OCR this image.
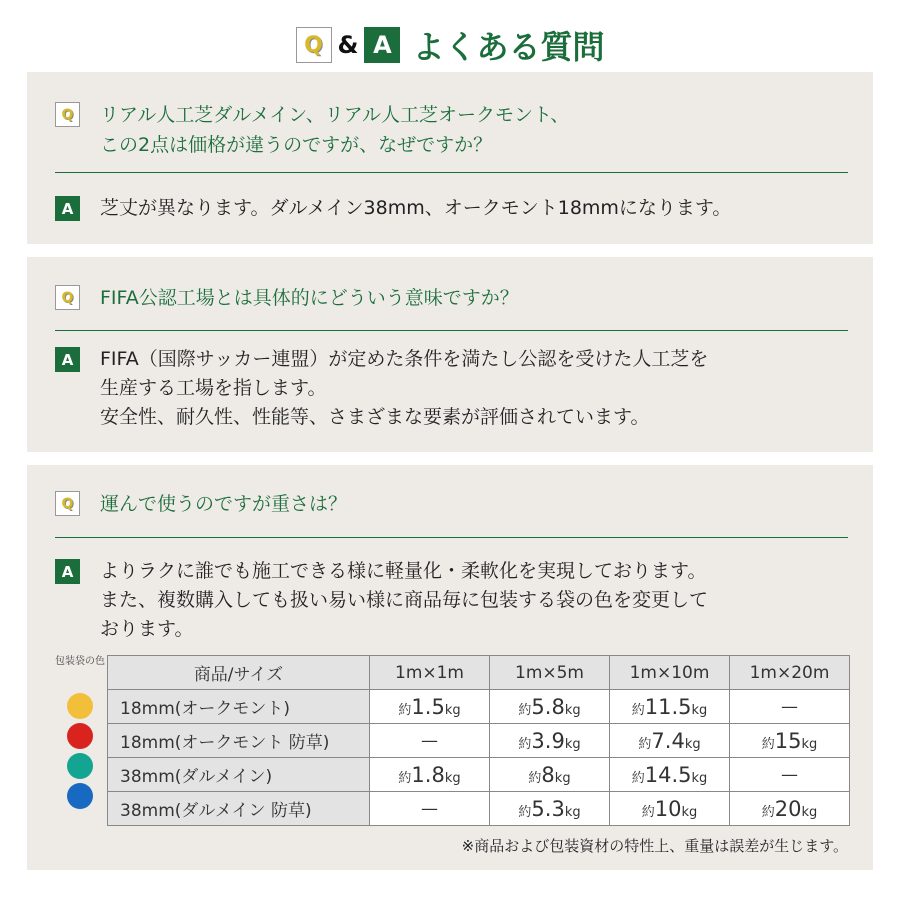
Q & A よくある質問
Q	リアル人工芝ダルメイン、リアル人工芝オークモント、
この2点は価格が違うのですが、なぜですか？
A	芝丈が異なります。ダルメイン38mm、オークモント18mmになります。
Q	FIFA公認工場とは具体的にどういう意味ですか？
A	FIFA（国際サッカー連盟）が定めた条件を満たし公認を受けた人工芝を
生産する工場を指します。
安全性、耐久性、性能等、さまざまな要素が評価されています。
Q	運んで使うのですが重さは？
A	よりラクに誰でも施工できる様に軽量化・柔軟化を実現しております。
また、複数購入しても扱い易い様に商品毎に包装する袋の色を変更して
おります。
包装袋の色
商品/サイズ	1m×1m	1m×5m	1m×10m	1m×20m
18mm(オークモント)	約1.5kg	約5.8kg	約11.5kg	—
18mm(オークモント 防草)	—	約3.9kg	約7.4kg	約15kg
38mm(ダルメイン)	約1.8kg	約8kg	約14.5kg	—
38mm(ダルメイン 防草)	—	約5.3kg	約10kg	約20kg
※商品および包装資材の特性上、重量は誤差が生じます。
